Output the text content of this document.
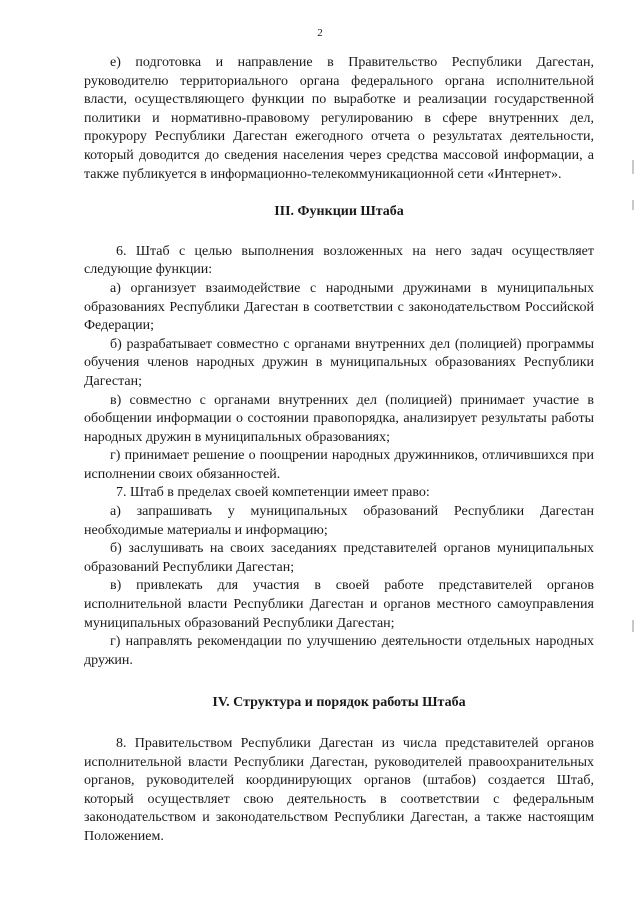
2

е) подготовка и направление в Правительство Республики Дагестан, руководителю территориального органа федерального органа исполнительной власти, осуществляющего функции по выработке и реализации государственной политики и нормативно-правовому регулированию в сфере внутренних дел, прокурору Республики Дагестан ежегодного отчета о результатах деятельности, который доводится до сведения населения через средства массовой информации, а также публикуется в информационно-телекоммуникационной сети «Интернет».

III. Функции Штаба

6. Штаб с целью выполнения возложенных на него задач осуществляет следующие функции:

а) организует взаимодействие с народными дружинами в муниципальных образованиях Республики Дагестан в соответствии с законодательством Российской Федерации;

б) разрабатывает совместно с органами внутренних дел (полицией) программы обучения членов народных дружин в муниципальных образованиях Республики Дагестан;

в) совместно с органами внутренних дел (полицией) принимает участие в обобщении информации о состоянии правопорядка, анализирует результаты работы народных дружин в муниципальных образованиях;

г) принимает решение о поощрении народных дружинников, отличившихся при исполнении своих обязанностей.

7. Штаб в пределах своей компетенции имеет право:

а) запрашивать у муниципальных образований Республики Дагестан необходимые материалы и информацию;

б) заслушивать на своих заседаниях представителей органов муниципальных образований Республики Дагестан;

в) привлекать для участия в своей работе представителей органов исполнительной власти Республики Дагестан и органов местного самоуправления муниципальных образований Республики Дагестан;

г) направлять рекомендации по улучшению деятельности отдельных народных дружин.

IV. Структура и порядок работы Штаба

8. Правительством Республики Дагестан из числа представителей органов исполнительной власти Республики Дагестан, руководителей правоохранительных органов, руководителей координирующих органов (штабов) создается Штаб, который осуществляет свою деятельность в соответствии с федеральным законодательством и законодательством Республики Дагестан, а также настоящим Положением.
